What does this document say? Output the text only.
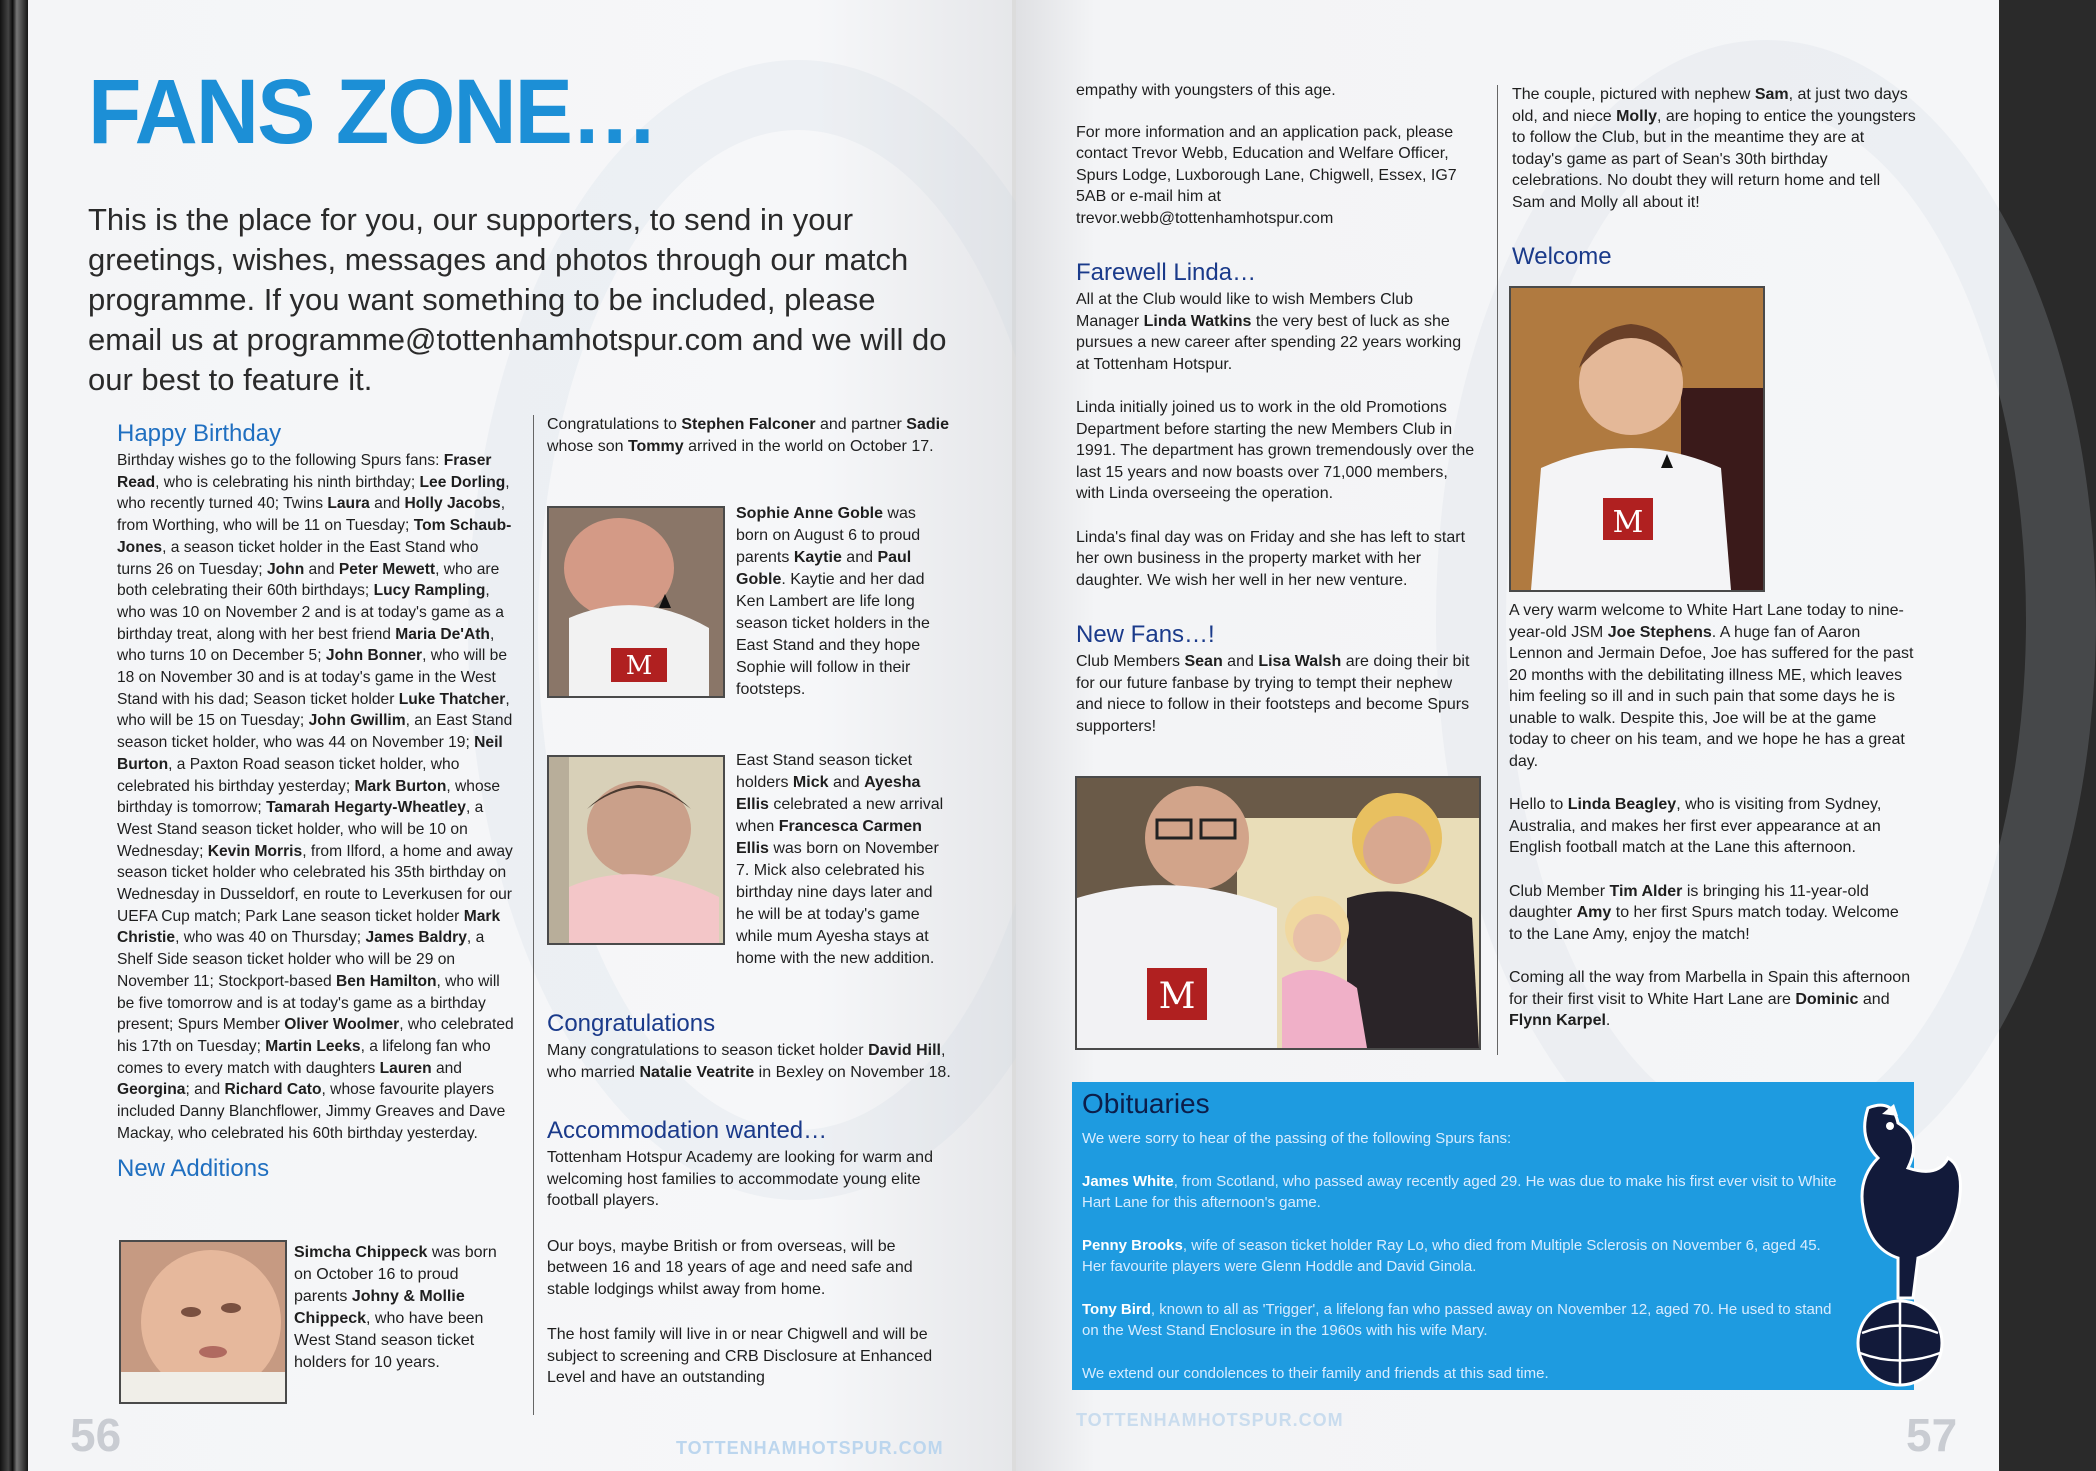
FANS ZONE…
This is the place for you, our supporters, to send in your greetings, wishes, messages and photos through our match programme. If you want something to be included, please email us at programme@tottenhamhotspur.com and we will do our best to feature it.
Happy Birthday

Birthday wishes go to the following Spurs fans: Fraser Read, who is celebrating his ninth birthday; Lee Dorling, who recently turned 40; Twins Laura and Holly Jacobs, from Worthing, who will be 11 on Tuesday; Tom Schaub-Jones, a season ticket holder in the East Stand who turns 26 on Tuesday; John and Peter Mewett, who are both celebrating their 60th birthdays; Lucy Rampling, who was 10 on November 2 and is at today's game as a birthday treat, along with her best friend Maria De'Ath, who turns 10 on December 5; John Bonner, who will be 18 on November 30 and is at today's game in the West Stand with his dad; Season ticket holder Luke Thatcher, who will be 15 on Tuesday; John Gwillim, an East Stand season ticket holder, who was 44 on November 19; Neil Burton, a Paxton Road season ticket holder, who celebrated his birthday yesterday; Mark Burton, whose birthday is tomorrow; Tamarah Hegarty-Wheatley, a West Stand season ticket holder, who will be 10 on Wednesday; Kevin Morris, from Ilford, a home and away season ticket holder who celebrated his 35th birthday on Wednesday in Dusseldorf, en route to Leverkusen for our UEFA Cup match; Park Lane season ticket holder Mark Christie, who was 40 on Thursday; James Baldry, a Shelf Side season ticket holder who will be 29 on November 11; Stockport-based Ben Hamilton, who will be five tomorrow and is at today's game as a birthday present; Spurs Member Oliver Woolmer, who celebrated his 17th on Tuesday; Martin Leeks, a lifelong fan who comes to every match with daughters Lauren and Georgina; and Richard Cato, whose favourite players included Danny Blanchflower, Jimmy Greaves and Dave Mackay, who celebrated his 60th birthday yesterday.

New Additions
Simcha Chippeck was born on October 16 to proud parents Johny & Mollie Chippeck, who have been West Stand season ticket holders for 10 years.

Congratulations to Stephen Falconer and partner Sadie whose son Tommy arrived in the world on October 17.

M
Sophie Anne Goble was born on August 6 to proud parents Kaytie and Paul Goble. Kaytie and her dad Ken Lambert are life long season ticket holders in the East Stand and they hope Sophie will follow in their footsteps.
East Stand season ticket holders Mick and Ayesha Ellis celebrated a new arrival when Francesca Carmen Ellis was born on November 7. Mick also celebrated his birthday nine days later and he will be at today's game while mum Ayesha stays at home with the new addition.
Congratulations

Many congratulations to season ticket holder David Hill, who married Natalie Veatrite in Bexley on November 18.

Accommodation wanted…

Tottenham Hotspur Academy are looking for warm and welcoming host families to accommodate young elite football players.

Our boys, maybe British or from overseas, will be between 16 and 18 years of age and need safe and stable lodgings whilst away from home.

The host family will live in or near Chigwell and will be subject to screening and CRB Disclosure at Enhanced Level and have an outstanding

56	TOTTENHAMHOTSPUR.COM

empathy with youngsters of this age.

For more information and an application pack, please contact Trevor Webb, Education and Welfare Officer, Spurs Lodge, Luxborough Lane, Chigwell, Essex, IG7 5AB or e-mail him at trevor.webb@tottenhamhotspur.com

Farewell Linda…

All at the Club would like to wish Members Club Manager Linda Watkins the very best of luck as she pursues a new career after spending 22 years working at Tottenham Hotspur.

Linda initially joined us to work in the old Promotions Department before starting the new Members Club in 1991. The department has grown tremendously over the last 15 years and now boasts over 71,000 members, with Linda overseeing the operation.

Linda's final day was on Friday and she has left to start her own business in the property market with her daughter. We wish her well in her new venture.

New Fans…!

Club Members Sean and Lisa Walsh are doing their bit for our future fanbase by trying to tempt their nephew and niece to follow in their footsteps and become Spurs supporters!

M

The couple, pictured with nephew Sam, at just two days old, and niece Molly, are hoping to entice the youngsters to follow the Club, but in the meantime they are at today's game as part of Sean's 30th birthday celebrations. No doubt they will return home and tell Sam and Molly all about it!

Welcome
M

A very warm welcome to White Hart Lane today to nine-year-old JSM Joe Stephens. A huge fan of Aaron Lennon and Jermain Defoe, Joe has suffered for the past 20 months with the debilitating illness ME, which leaves him feeling so ill and in such pain that some days he is unable to walk. Despite this, Joe will be at the game today to cheer on his team, and we hope he has a great day.

Hello to Linda Beagley, who is visiting from Sydney, Australia, and makes her first ever appearance at an English football match at the Lane this afternoon.

Club Member Tim Alder is bringing his 11-year-old daughter Amy to her first Spurs match today. Welcome to the Lane Amy, enjoy the match!

Coming all the way from Marbella in Spain this afternoon for their first visit to White Hart Lane are Dominic and Flynn Karpel.

Obituaries

We were sorry to hear of the passing of the following Spurs fans:

James White, from Scotland, who passed away recently aged 29. He was due to make his first ever visit to White Hart Lane for this afternoon's game.

Penny Brooks, wife of season ticket holder Ray Lo, who died from Multiple Sclerosis on November 6, aged 45. Her favourite players were Glenn Hoddle and David Ginola.

Tony Bird, known to all as 'Trigger', a lifelong fan who passed away on November 12, aged 70. He used to stand on the West Stand Enclosure in the 1960s with his wife Mary.

We extend our condolences to their family and friends at this sad time.

57
TOTTENHAMHOTSPUR.COM
